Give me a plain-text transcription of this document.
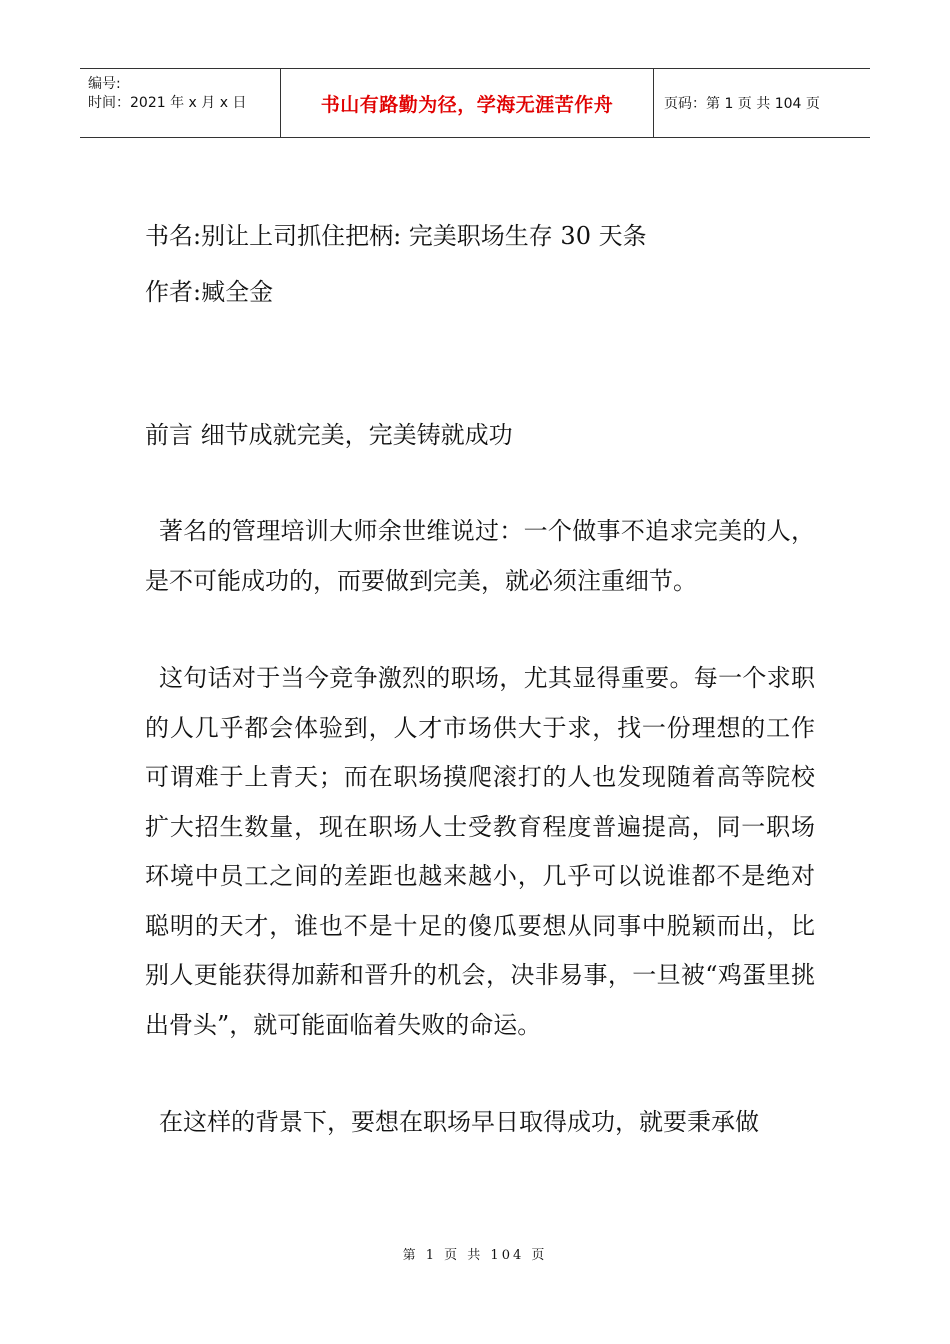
编号:
时间：2021 年 x 月 x 日	书山有路勤为径，学海无涯苦作舟	页码：第 1 页 共 104 页

书名:别让上司抓住把柄: 完美职场生存 30 天条

作者:臧全金

前言 细节成就完美，完美铸就成功

著名的管理培训大师余世维说过：一个做事不追求完美的人，是不可能成功的，而要做到完美，就必须注重细节。

这句话对于当今竞争激烈的职场，尤其显得重要。每一个求职的人几乎都会体验到，人才市场供大于求，找一份理想的工作可谓难于上青天；而在职场摸爬滚打的人也发现随着高等院校扩大招生数量，现在职场人士受教育程度普遍提高，同一职场环境中员工之间的差距也越来越小，几乎可以说谁都不是绝对聪明的天才，谁也不是十足的傻瓜要想从同事中脱颖而出，比别人更能获得加薪和晋升的机会，决非易事，一旦被“鸡蛋里挑出骨头”，就可能面临着失败的命运。

在这样的背景下，要想在职场早日取得成功，就要秉承做

第 1 页 共 104 页
